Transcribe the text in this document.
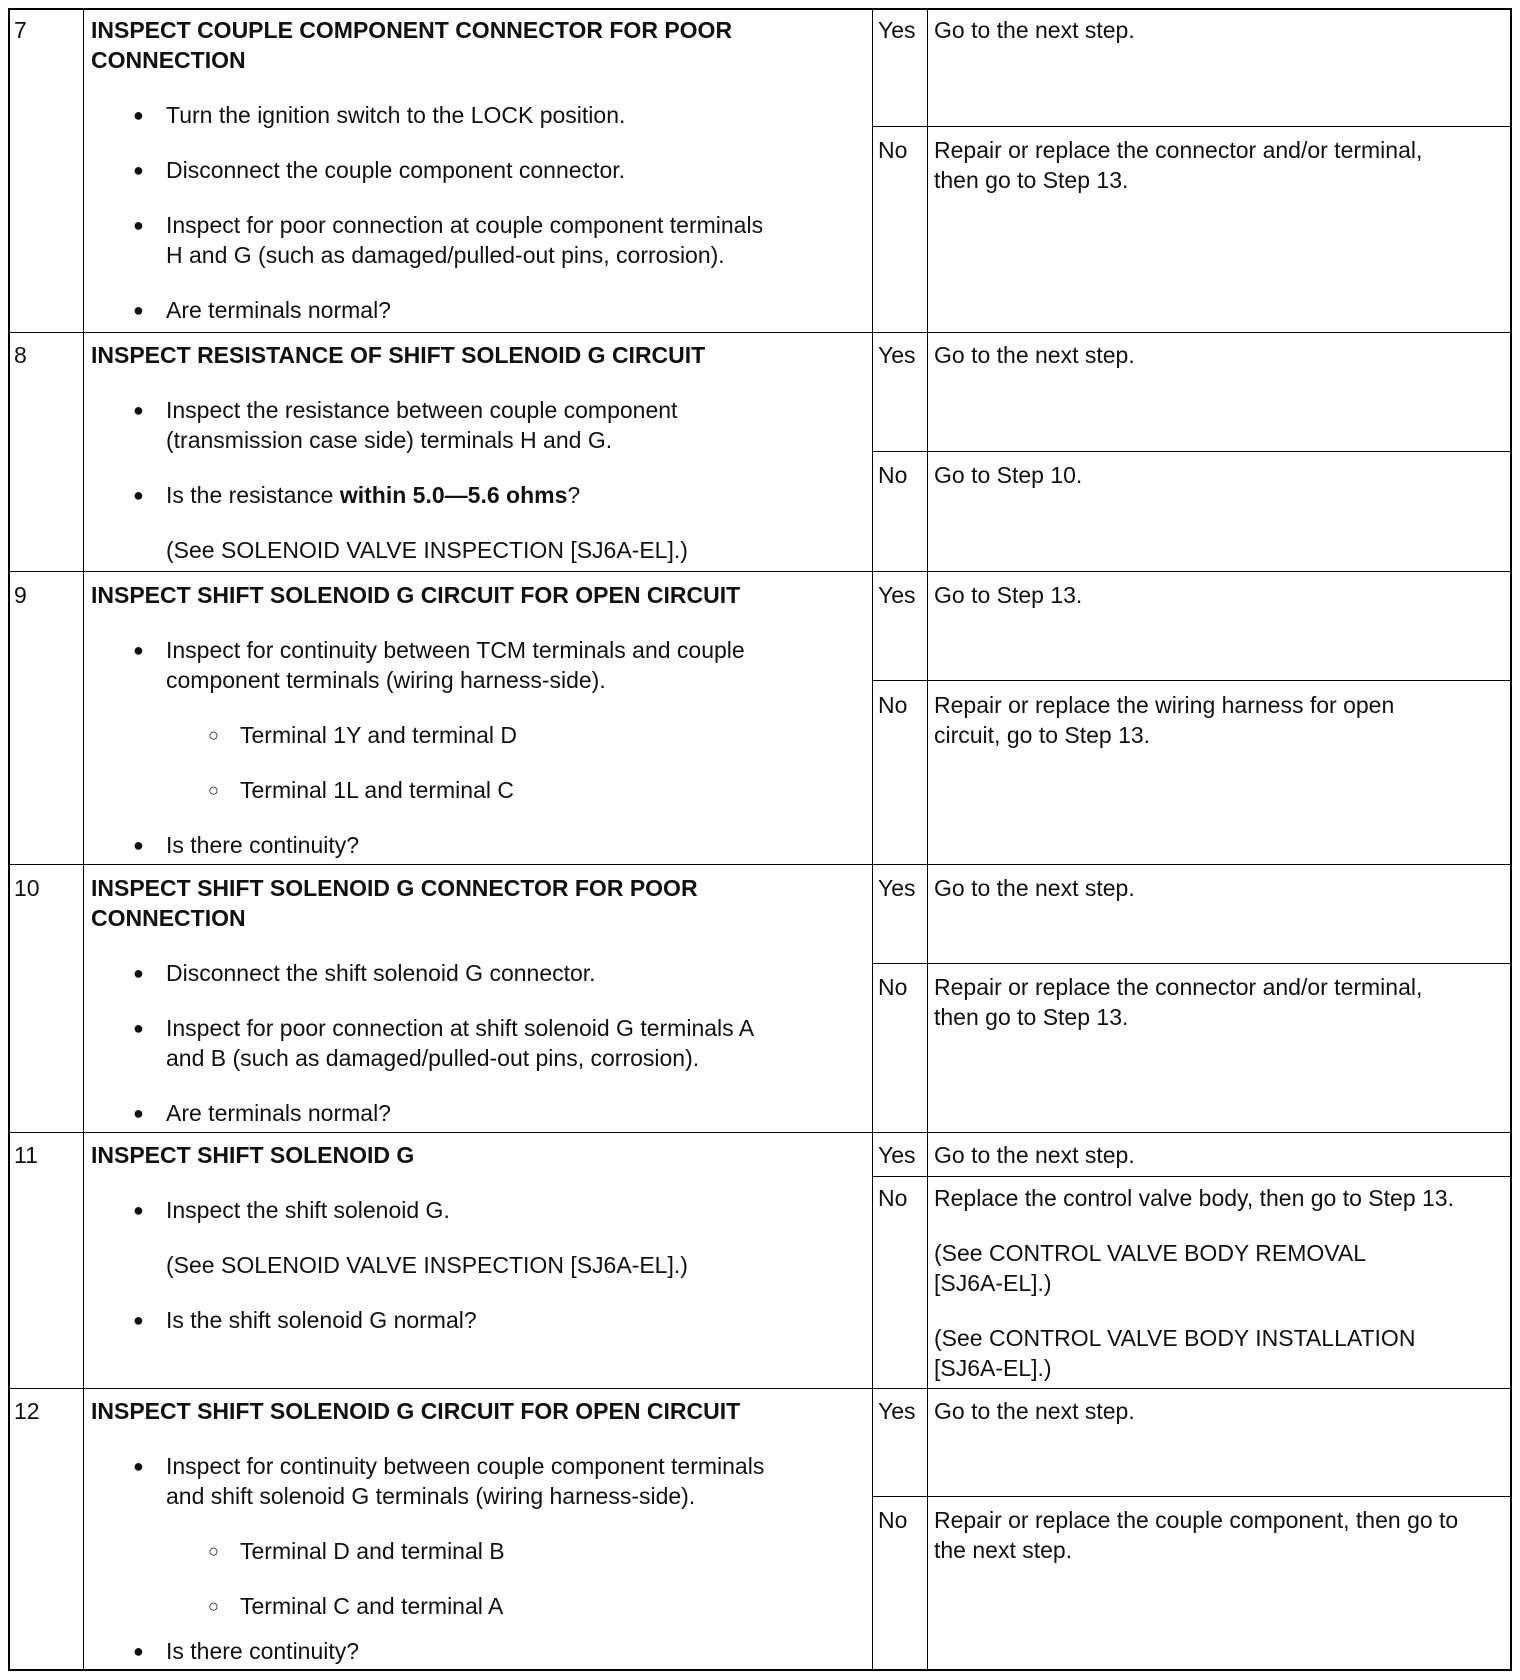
7	INSPECT COUPLE COMPONENT CONNECTOR FOR POOR
CONNECTION
● Turn the ignition switch to the LOCK position.
● Disconnect the couple component connector.
● Inspect for poor connection at couple component terminals
H and G (such as damaged/pulled-out pins, corrosion).
● Are terminals normal?
Yes Go to the next step.
No Repair or replace the connector and/or terminal,
then go to Step 13.
8	INSPECT RESISTANCE OF SHIFT SOLENOID G CIRCUIT
● Inspect the resistance between couple component
(transmission case side) terminals H and G.
● Is the resistance within 5.0—5.6 ohms?
(See SOLENOID VALVE INSPECTION [SJ6A-EL].)
Yes Go to the next step.
No Go to Step 10.
9	INSPECT SHIFT SOLENOID G CIRCUIT FOR OPEN CIRCUIT
● Inspect for continuity between TCM terminals and couple
component terminals (wiring harness-side).
○ Terminal 1Y and terminal D
○ Terminal 1L and terminal C
● Is there continuity?
Yes Go to Step 13.
No Repair or replace the wiring harness for open
circuit, go to Step 13.
10 INSPECT SHIFT SOLENOID G CONNECTOR FOR POOR
CONNECTION
● Disconnect the shift solenoid G connector.
● Inspect for poor connection at shift solenoid G terminals A
and B (such as damaged/pulled-out pins, corrosion).
● Are terminals normal?
Yes Go to the next step.
No Repair or replace the connector and/or terminal,
then go to Step 13.
11 INSPECT SHIFT SOLENOID G
● Inspect the shift solenoid G.
(See SOLENOID VALVE INSPECTION [SJ6A-EL].)
● Is the shift solenoid G normal?
Yes Go to the next step.
No Replace the control valve body, then go to Step 13.
(See CONTROL VALVE BODY REMOVAL
[SJ6A-EL].)
(See CONTROL VALVE BODY INSTALLATION
[SJ6A-EL].)
12 INSPECT SHIFT SOLENOID G CIRCUIT FOR OPEN CIRCUIT
● Inspect for continuity between couple component terminals
and shift solenoid G terminals (wiring harness-side).
○ Terminal D and terminal B
○ Terminal C and terminal A
● Is there continuity?
Yes Go to the next step.
No Repair or replace the couple component, then go to
the next step.
